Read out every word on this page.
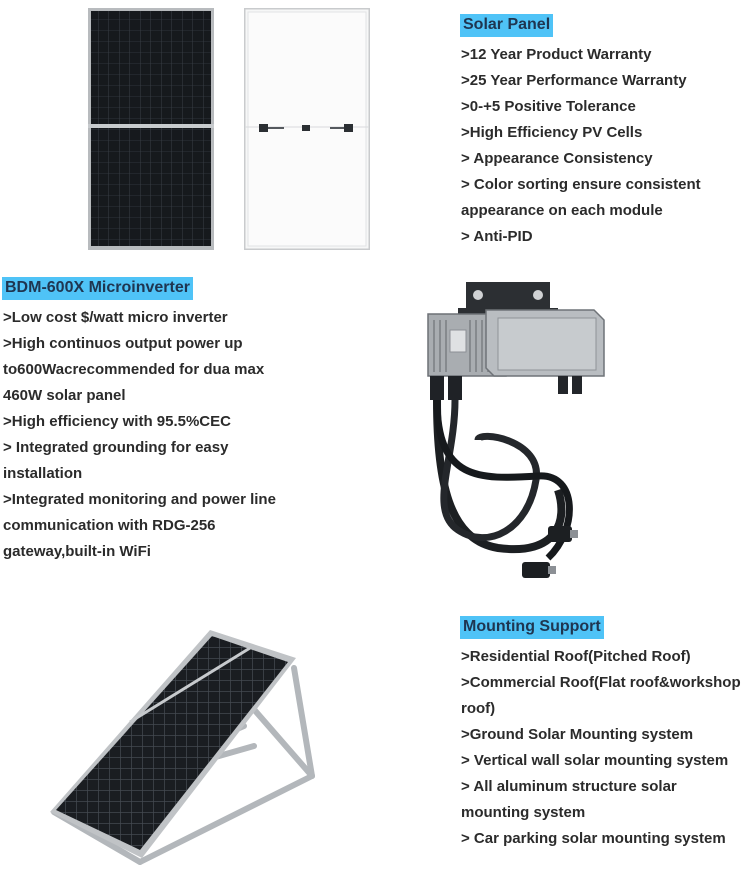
Solar Panel
>12 Year Product Warranty
>25 Year Performance Warranty
>0-+5 Positive Tolerance
>High Efficiency PV Cells
> Appearance Consistency
> Color sorting ensure consistent
appearance on each module
> Anti-PID
BDM-600X Microinverter
>Low cost $/watt micro inverter
>High continuos output power up
to600Wacrecommended for dua max
460W solar panel
>High efficiency with 95.5%CEC
> Integrated grounding for easy
installation
>Integrated monitoring and power line
communication with RDG-256
gateway,built-in WiFi
Mounting Support
>Residential Roof(Pitched Roof)
>Commercial Roof(Flat roof&workshop
roof)
>Ground Solar Mounting system
> Vertical wall solar mounting system
> All aluminum structure solar
mounting system
> Car parking solar mounting system
